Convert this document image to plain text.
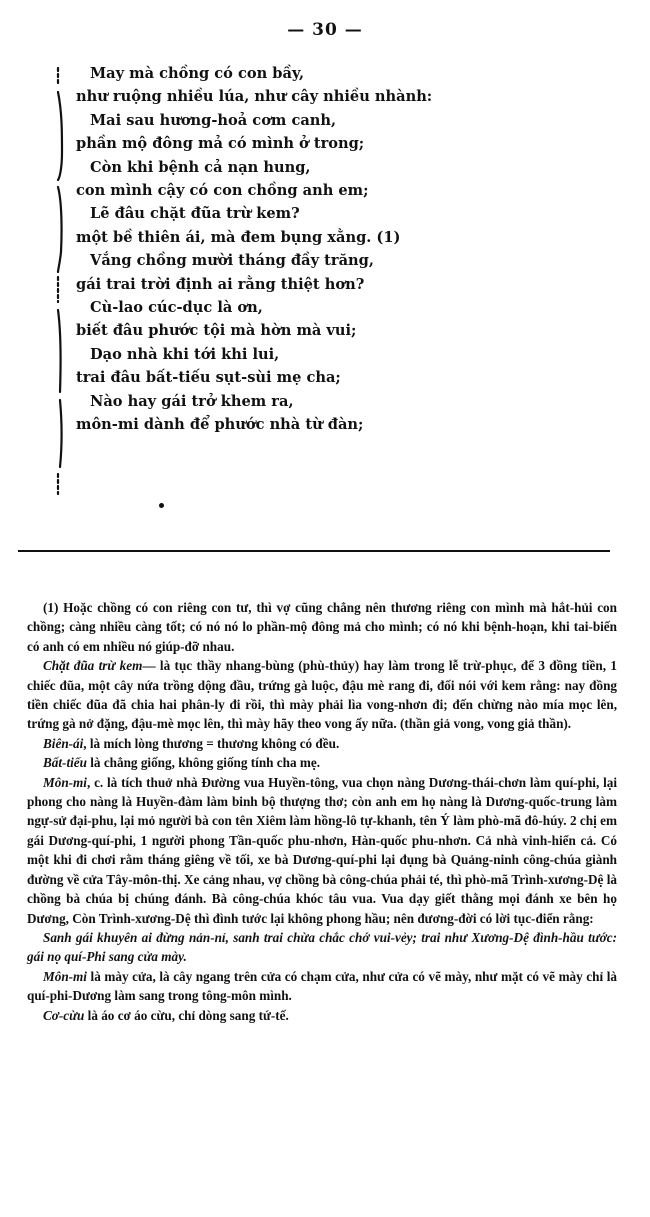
— 30 —
May mà chồng có con bầy,
như ruộng nhiều lúa, như cây nhiều nhành:
Mai sau hương-hoả cơm canh,
phần mộ đông mả có mình ở trong;
Còn khi bệnh cả nạn hung,
con mình cậy có con chồng anh em;
Lẽ đâu chặt đũa trừ kem?
một bề thiên ái, mà đem bụng xằng. (1)
Vắng chồng mười tháng đầy trăng,
gái trai trời định ai rằng thiệt hơn?
Cù-lao cúc-dục là ơn,
biết đâu phước tội mà hờn mà vui;
Dạo nhà khi tới khi lui,
trai đâu bất-tiếu sụt-sùi mẹ cha;
Nào hay gái trở khem ra,
môn-mi dành để phước nhà từ đàn;

(1) Hoặc chồng có con riêng con tư, thì vợ cũng chẳng nên thương riêng con mình mà hắt-hủi con chồng; càng nhiều càng tốt; có nó nó lo phần-mộ đông mả cho mình; có nó khi bệnh-hoạn, khi tai-biến có anh có em nhiều nó giúp-đỡ nhau.

Chặt đũa trừ kem— là tục thầy nhang-bùng (phù-thủy) hay làm trong lễ trừ-phục, để 3 đồng tiền, 1 chiếc đũa, một cây nứa trồng dộng đầu, trứng gà luộc, đậu mè rang đi, đối nói với kem rằng: nay đồng tiền chiếc đũa đã chia hai phân-ly đi rồi, thì mày phải lìa vong-nhơn đi; đến chừng nào mía mọc lên, trứng gà nở đặng, đậu-mè mọc lên, thì mày hãy theo vong ấy nữa. (thần giả vong, vong giả thần).

Biên-ái, là mích lòng thương = thương không có đều.

Bất-tiếu là chẳng giống, không giống tính cha mẹ.

Môn-mi, c. là tích thuở nhà Đường vua Huyền-tông, vua chọn nàng Dương-thái-chơn làm quí-phi, lại phong cho nàng là Huyền-đàm làm binh bộ thượng thơ; còn anh em họ nàng là Dương-quốc-trung làm ngự-sử đại-phu, lại mỏ người bà con tên Xiêm làm hồng-lô tự-khanh, tên Ý làm phò-mã đô-húy. 2 chị em gái Dương-quí-phi, 1 người phong Tần-quốc phu-nhơn, Hàn-quốc phu-nhơn. Cả nhà vinh-hiển cả. Có một khi đi chơi rằm tháng giêng về tối, xe bà Dương-quí-phi lại đụng bà Quảng-ninh công-chúa giành đường về cửa Tây-môn-thị. Xe cảng nhau, vợ chồng bà công-chúa phải té, thì phò-mã Trình-xương-Dệ là chồng bà chúa bị chúng đánh. Bà công-chúa khóc tâu vua. Vua dạy giết thằng mọi đánh xe bên họ Dương, Còn Trình-xương-Dệ thì đình tước lại không phong hầu; nên đương-đời có lời tục-điển rằng:

Sanh gái khuyên ai đừng nản-nỉ, sanh trai chừa chắc chớ vui-vẻy; trai như Xương-Dệ đình-hầu tước: gái nọ quí-Phi sang cửa mày.

Môn-mi là mày cửa, là cây ngang trên cửa có chạm cửa, như cửa có vẽ mày, như mặt có vẽ mày chỉ là quí-phi-Dương làm sang trong tông-môn mình.

Cơ-cừu là áo cơ áo cừu, chỉ dòng sang tứ-tế.
